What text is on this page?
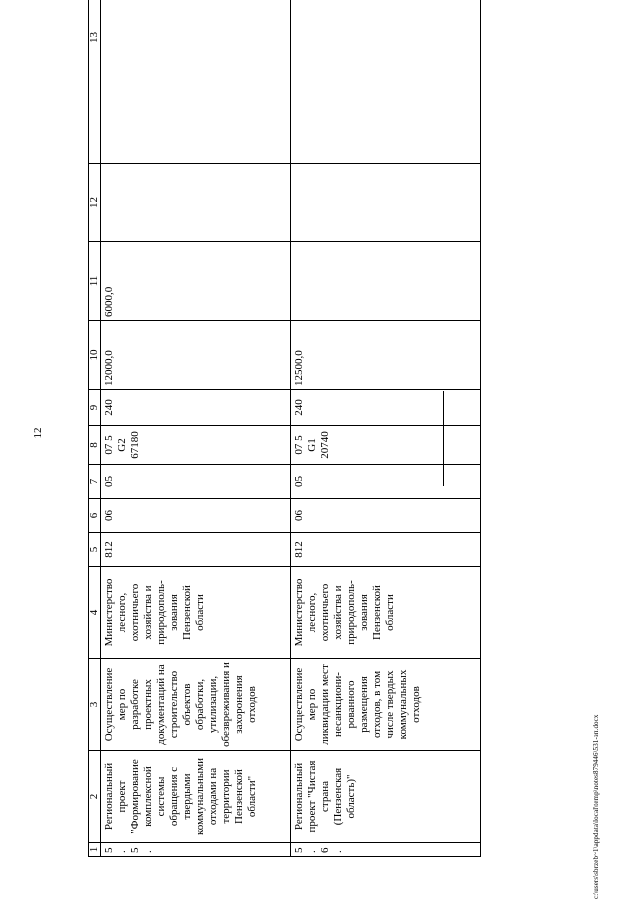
12
1	2	3	4	5	6	7	8	9	10	11	12	13
5.5.	Региональный проект "Формирование комплексной системы обращения с твердыми коммунальными отходами на территории Пензенской области"	Осуществление мер по разработке проектных документаций на строительство объектов обработки, утилизации, обезвреживания и захоронения отходов	Министерство лесного, охотничьего хозяйства и природополь-зования Пензенской области	812	06	05	07 5 G2 67180	240	12000,0	6000,0		
5.6.	Региональный проект "Чистая страна (Пензенская область)"	Осуществление мер по ликвидации мест несанкциони-рованного размещения отходов, в том числе твердых коммунальных отходов	Министерство лесного, охотничьего хозяйства и природополь-зования Пензенской области	812	06	05	07 5 G1 20740	240	12500,0			
c:\users\sbrzeb~1\appdata\local\temp\notes879446\531-зп.docx
